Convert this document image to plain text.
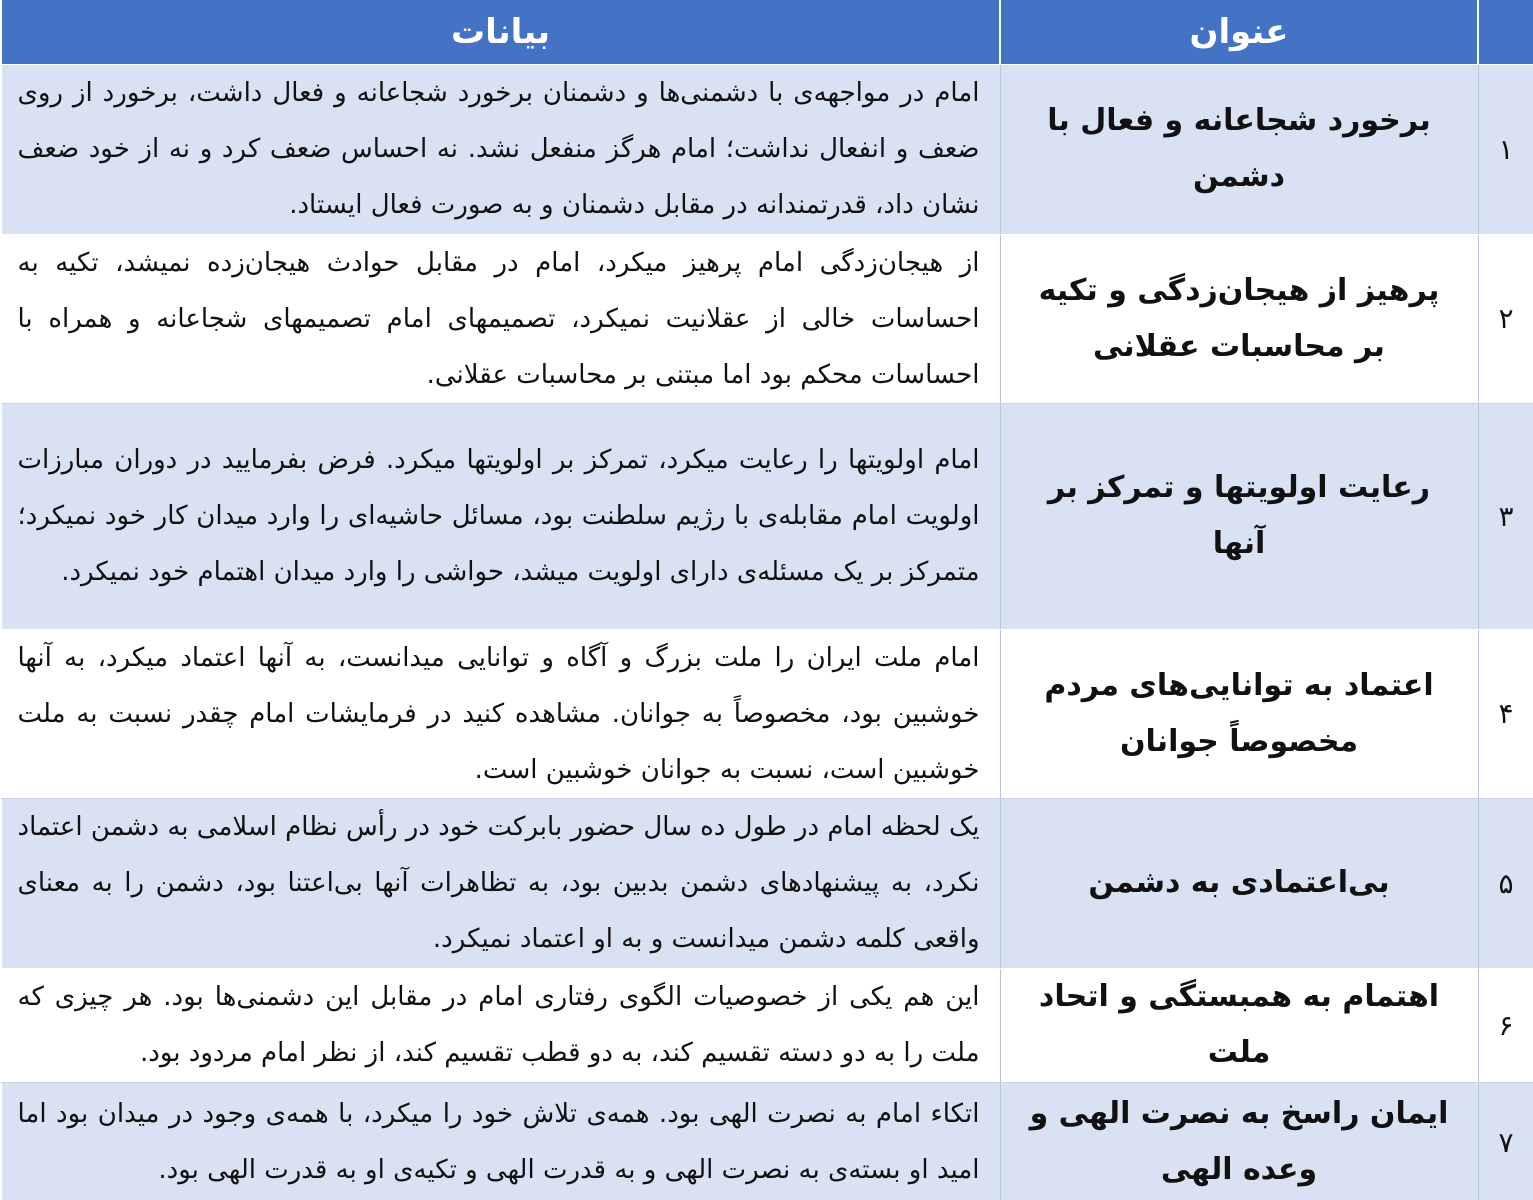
	عنوان	بیانات
۱	برخورد شجاعانه و فعال با دشمن	امام در مواجهه‌ی با دشمنی‌ها و دشمنان برخورد شجاعانه و فعال داشت، برخورد از روی ضعف و انفعال نداشت؛ امام هرگز منفعل نشد. نه احساس ضعف کرد و نه از خود ضعف نشان داد، قدرتمندانه در مقابل دشمنان و به صورت فعال ایستاد.

۲	پرهیز از هیجان‌زدگی و تکیه بر محاسبات عقلانی	از هیجان‌زدگی امام پرهیز میکرد، امام در مقابل حوادث هیجان‌زده نمیشد، تکیه به احساسات خالی از عقلانیت نمیکرد، تصمیمهای امام تصمیمهای شجاعانه و همراه با احساسات محکم بود اما مبتنی بر محاسبات عقلانی.

۳	رعایت اولویتها و تمرکز بر آنها	امام اولویتها را رعایت میکرد، تمرکز بر اولویتها میکرد. فرض بفرمایید در دوران مبارزات اولویت امام مقابله‌ی با رژیم سلطنت بود، مسائل حاشیه‌ای را وارد میدان کار خود نمیکرد؛ متمرکز بر یک مسئله‌ی دارای اولویت میشد، حواشی را وارد میدان اهتمام خود نمیکرد.

۴	اعتماد به توانایی‌های مردم مخصوصاً جوانان	امام ملت ایران را ملت بزرگ و آگاه و توانایی میدانست، به آنها اعتماد میکرد، به آنها خوشبین بود، مخصوصاً به جوانان. مشاهده کنید در فرمایشات امام چقدر نسبت به ملت خوشبین است، نسبت به جوانان خوشبین است.

۵	بی‌اعتمادی به دشمن	یک لحظه امام در طول ده سال حضور بابرکت خود در رأس نظام اسلامی به دشمن اعتماد نکرد، به پیشنهادهای دشمن بدبین بود، به تظاهرات آنها بی‌اعتنا بود، دشمن را به معنای واقعی کلمه دشمن میدانست و به او اعتماد نمیکرد.

۶	اهتمام به همبستگی و اتحاد ملت	این هم یکی از خصوصیات الگوی رفتاری امام در مقابل این دشمنی‌ها بود. هر چیزی که ملت را به دو دسته تقسیم کند، به دو قطب تقسیم کند، از نظر امام مردود بود.

۷	ایمان راسخ به نصرت الهی و وعده الهی	اتکاء امام به نصرت الهی بود. همه‌ی تلاش خود را میکرد، با همه‌ی وجود در میدان بود اما امید او بسته‌ی به نصرت الهی و به قدرت الهی و تکیه‌ی او به قدرت الهی بود.
